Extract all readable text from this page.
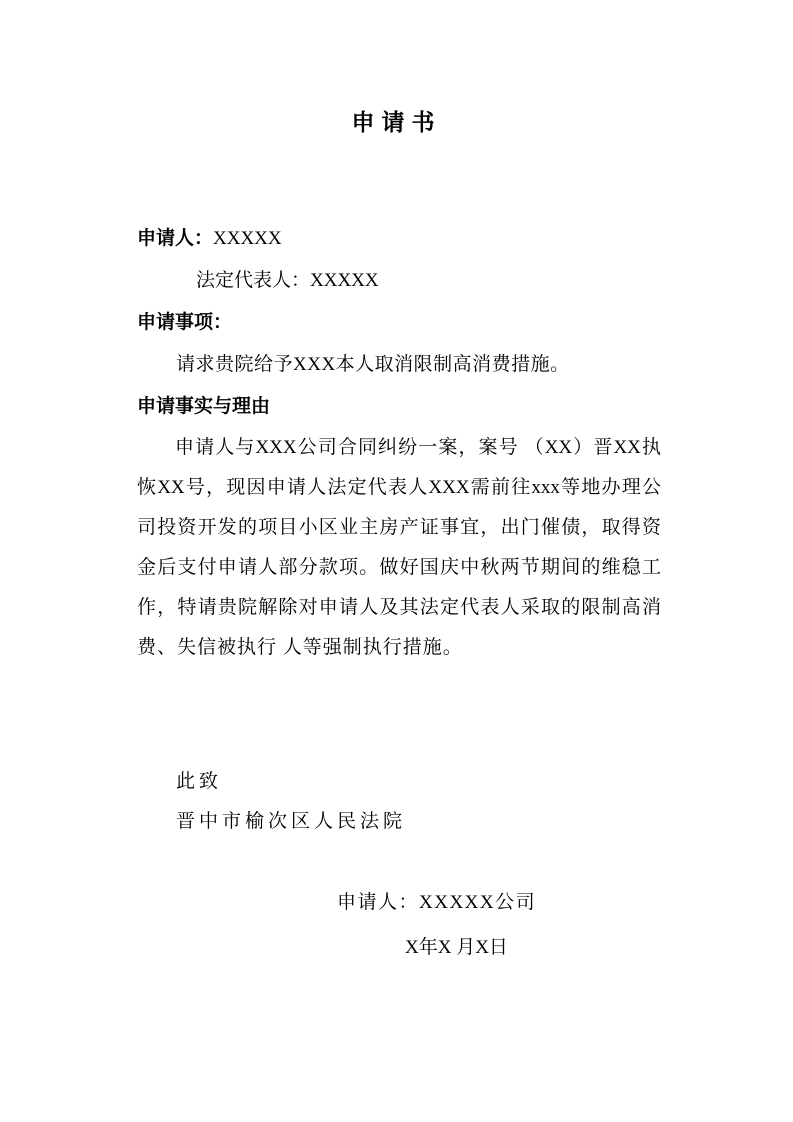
申请书
申请人：XXXXX
法定代表人：XXXXX
申请事项：
请求贵院给予XXX本人取消限制高消费措施。
申请事实与理由
申请人与XXX公司合同纠纷一案，案号 （XX）晋XX执
恢XX号，现因申请人法定代表人XXX需前往xxx等地办理公
司投资开发的项目小区业主房产证事宜，出门催债，取得资
金后支付申请人部分款项。做好国庆中秋两节期间的维稳工
作，特请贵院解除对申请人及其法定代表人采取的限制高消
费、失信被执行 人等强制执行措施。
此致
晋中市榆次区人民法院
申请人：XXXXX公司
X年X 月X日
